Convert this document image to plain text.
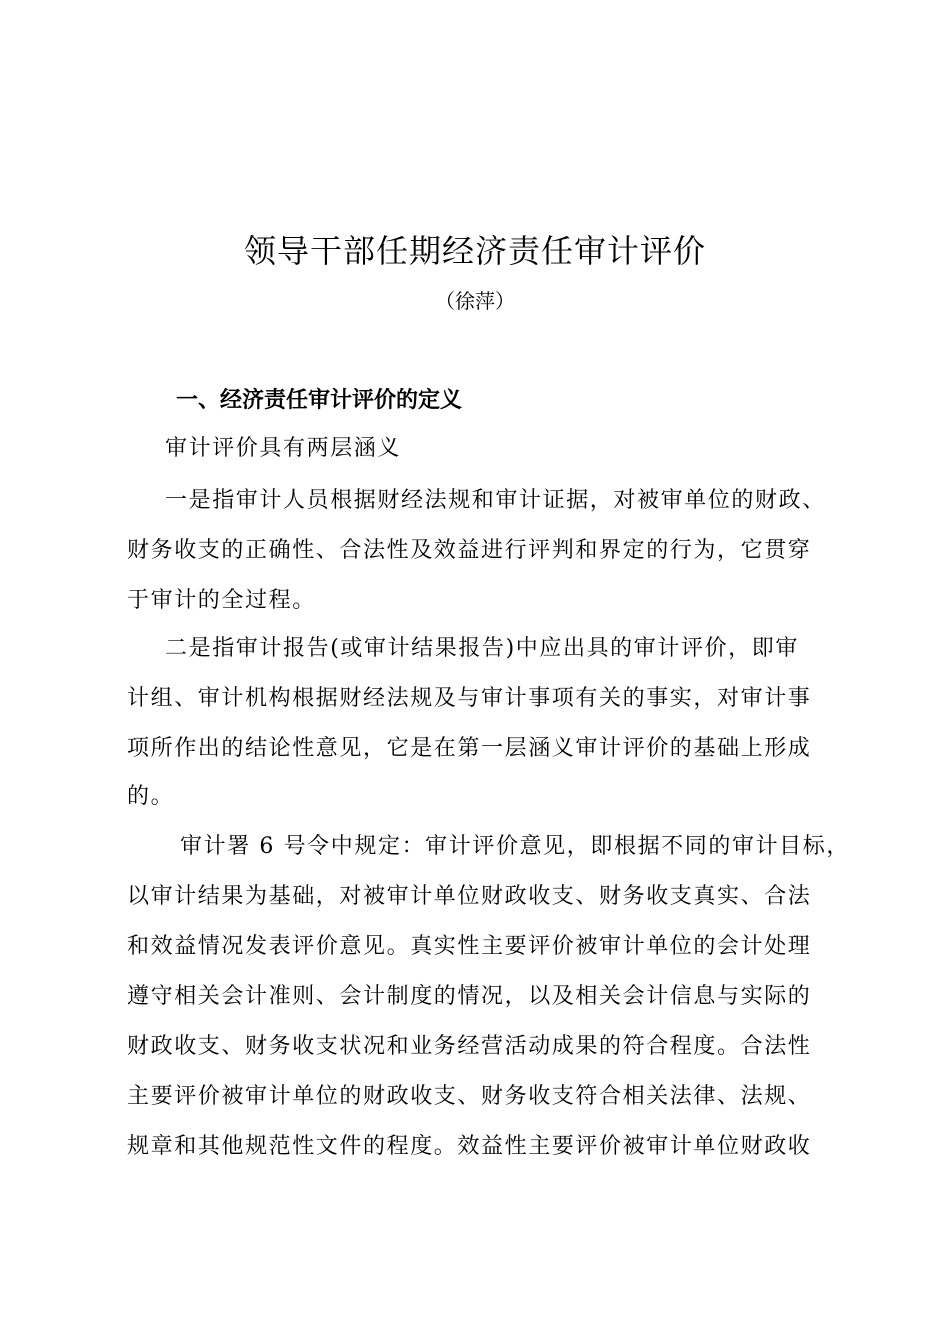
领导干部任期经济责任审计评价

（徐萍）

一、经济责任审计评价的定义

审计评价具有两层涵义

一是指审计人员根据财经法规和审计证据，对被审单位的财政、

财务收支的正确性、合法性及效益进行评判和界定的行为，它贯穿

于审计的全过程。

二是指审计报告(或审计结果报告)中应出具的审计评价，即审

计组、审计机构根据财经法规及与审计事项有关的事实，对审计事

项所作出的结论性意见，它是在第一层涵义审计评价的基础上形成

的。

审计署 6 号令中规定：审计评价意见，即根据不同的审计目标，

以审计结果为基础，对被审计单位财政收支、财务收支真实、合法

和效益情况发表评价意见。真实性主要评价被审计单位的会计处理

遵守相关会计准则、会计制度的情况，以及相关会计信息与实际的

财政收支、财务收支状况和业务经营活动成果的符合程度。合法性

主要评价被审计单位的财政收支、财务收支符合相关法律、法规、

规章和其他规范性文件的程度。效益性主要评价被审计单位财政收
